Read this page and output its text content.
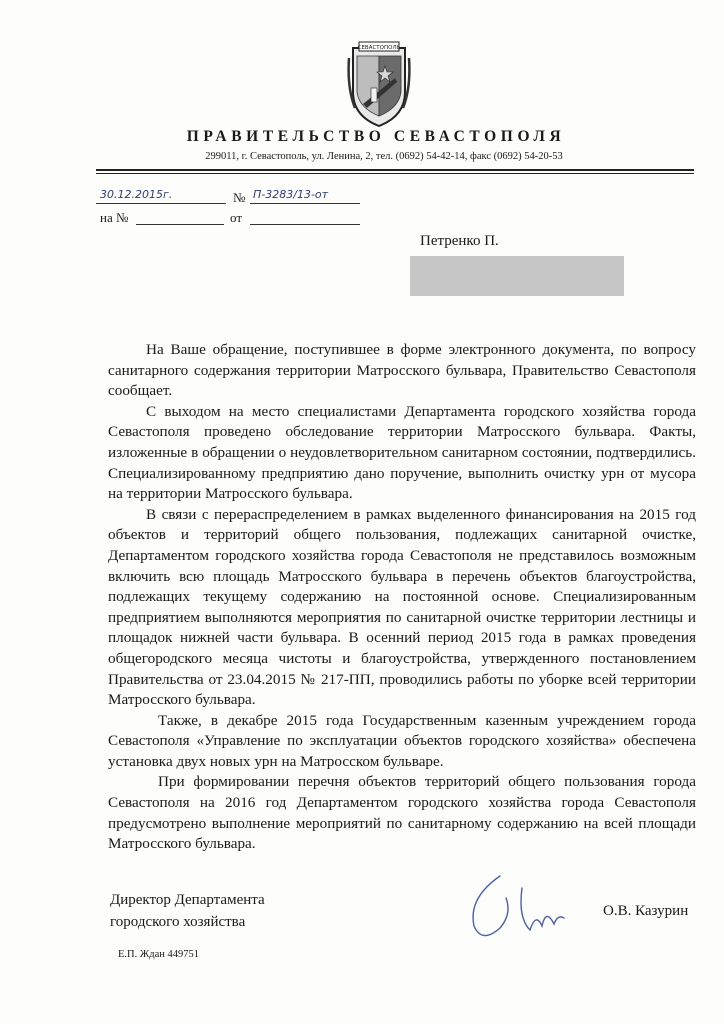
СЕВАСТОПОЛЬ
ПРАВИТЕЛЬСТВО СЕВАСТОПОЛЯ
299011, г. Севастополь, ул. Ленина, 2, тел. (0692) 54-42-14, факс (0692) 54-20-53
30.12.2015г.	№ П-3283/13-от
на №	от
Петренко П.

На Ваше обращение, поступившее в форме электронного документа, по вопросу санитарного содержания территории Матросского бульвара, Правительство Севастополя сообщает.

С выходом на место специалистами Департамента городского хозяйства города Севастополя проведено обследование территории Матросского бульвара. Факты, изложенные в обращении о неудовлетворительном санитарном состоянии, подтвердились. Специализированному предприятию дано поручение, выполнить очистку урн от мусора на территории Матросского бульвара.

В связи с перераспределением в рамках выделенного финансирования на 2015 год объектов и территорий общего пользования, подлежащих санитарной очистке, Департаментом городского хозяйства города Севастополя не представилось возможным включить всю площадь Матросского бульвара в перечень объектов благоустройства, подлежащих текущему содержанию на постоянной основе. Специализированным предприятием выполняются мероприятия по санитарной очистке территории лестницы и площадок нижней части бульвара. В осенний период 2015 года в рамках проведения общегородского месяца чистоты и благоустройства, утвержденного постановлением Правительства от 23.04.2015 № 217-ПП, проводились работы по уборке всей территории Матросского бульвара.

Также, в декабре 2015 года Государственным казенным учреждением города Севастополя «Управление по эксплуатации объектов городского хозяйства» обеспечена установка двух новых урн на Матросском бульваре.

При формировании перечня объектов территорий общего пользования города Севастополя на 2016 год Департаментом городского хозяйства города Севастополя предусмотрено выполнение мероприятий по санитарному содержанию на всей площади Матросского бульвара.

Директор Департамента
городского хозяйства
О.В. Казурин
Е.П. Ждан 449751
